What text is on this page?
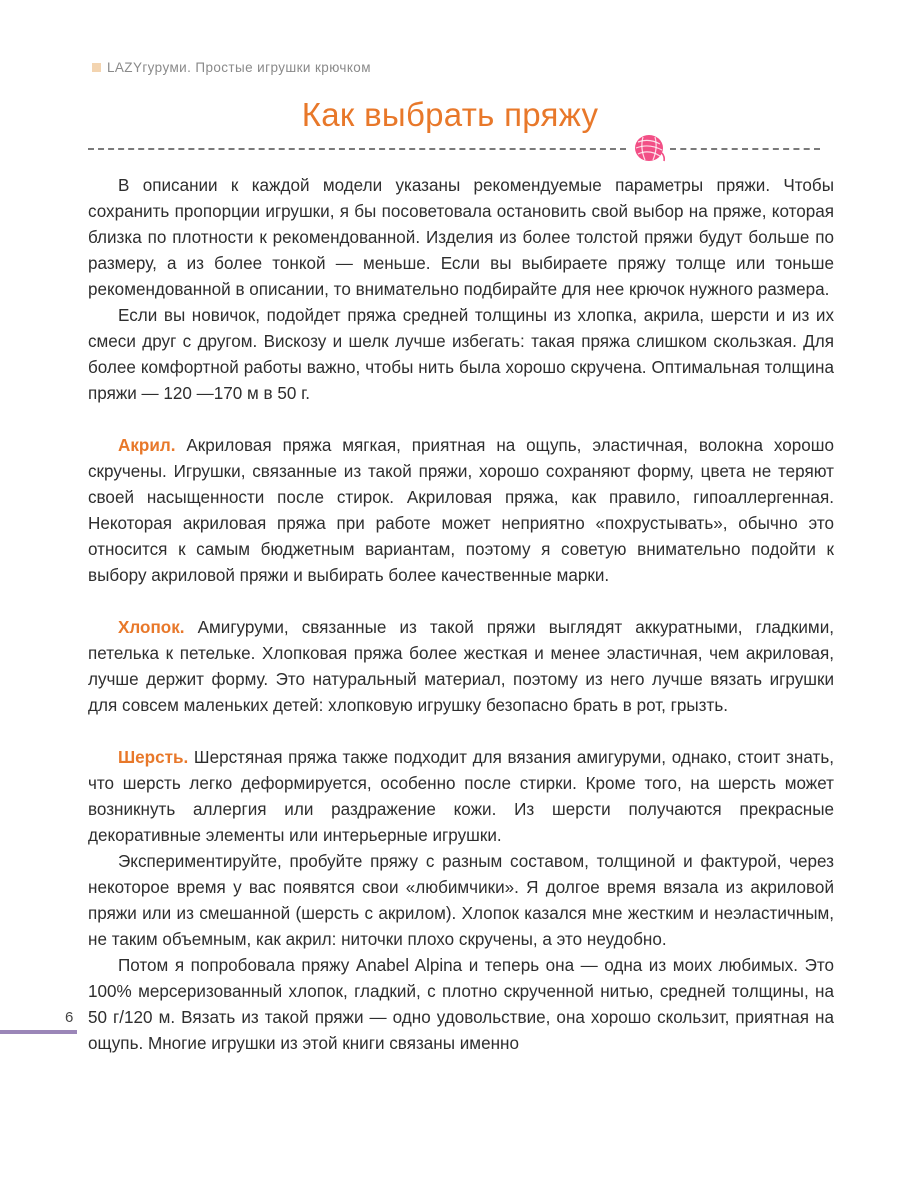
LAZYгуруми. Простые игрушки крючком
Как выбрать пряжу

В описании к каждой модели указаны рекомендуемые параметры пряжи. Чтобы сохранить пропорции игрушки, я бы посоветовала остановить свой выбор на пряже, которая близка по плотности к рекомендованной. Изделия из более толстой пряжи будут больше по размеру, а из более тонкой — меньше. Если вы выбираете пряжу толще или тоньше рекомендованной в описании, то внимательно подбирайте для нее крючок нужного размера.

Если вы новичок, подойдет пряжа средней толщины из хлопка, акрила, шерсти и из их смеси друг с другом. Вискозу и шелк лучше избегать: такая пряжа слишком скользкая. Для более комфортной работы важно, чтобы нить была хорошо скручена. Оптимальная толщина пряжи — 120 —170 м в 50 г.

Акрил. Акриловая пряжа мягкая, приятная на ощупь, эластичная, волокна хорошо скручены. Игрушки, связанные из такой пряжи, хорошо сохраняют форму, цвета не теряют своей насыщенности после стирок. Акриловая пряжа, как правило, гипоаллергенная. Некоторая акриловая пряжа при работе может неприятно «похрустывать», обычно это относится к самым бюджетным вариантам, поэтому я советую внимательно подойти к выбору акриловой пряжи и выбирать более качественные марки.

Хлопок. Амигуруми, связанные из такой пряжи выглядят аккуратными, гладкими, петелька к петельке. Хлопковая пряжа более жесткая и менее эластичная, чем акриловая, лучше держит форму. Это натуральный материал, поэтому из него лучше вязать игрушки для совсем маленьких детей: хлопковую игрушку безопасно брать в рот, грызть.

Шерсть. Шерстяная пряжа также подходит для вязания амигуруми, однако, стоит знать, что шерсть легко деформируется, особенно после стирки. Кроме того, на шерсть может возникнуть аллергия или раздражение кожи. Из шерсти получаются прекрасные декоративные элементы или интерьерные игрушки.

Экспериментируйте, пробуйте пряжу с разным составом, толщиной и фактурой, через некоторое время у вас появятся свои «любимчики». Я долгое время вязала из акриловой пряжи или из смешанной (шерсть с акрилом). Хлопок казался мне жестким и неэластичным, не таким объемным, как акрил: ниточки плохо скручены, а это неудобно.

Потом я попробовала пряжу Anabel Alpina и теперь она — одна из моих любимых. Это 100% мерсеризованный хлопок, гладкий, с плотно скрученной нитью, средней толщины, на 50 г/120 м. Вязать из такой пряжи — одно удовольствие, она хорошо скользит, приятная на ощупь. Многие игрушки из этой книги связаны именно

6
